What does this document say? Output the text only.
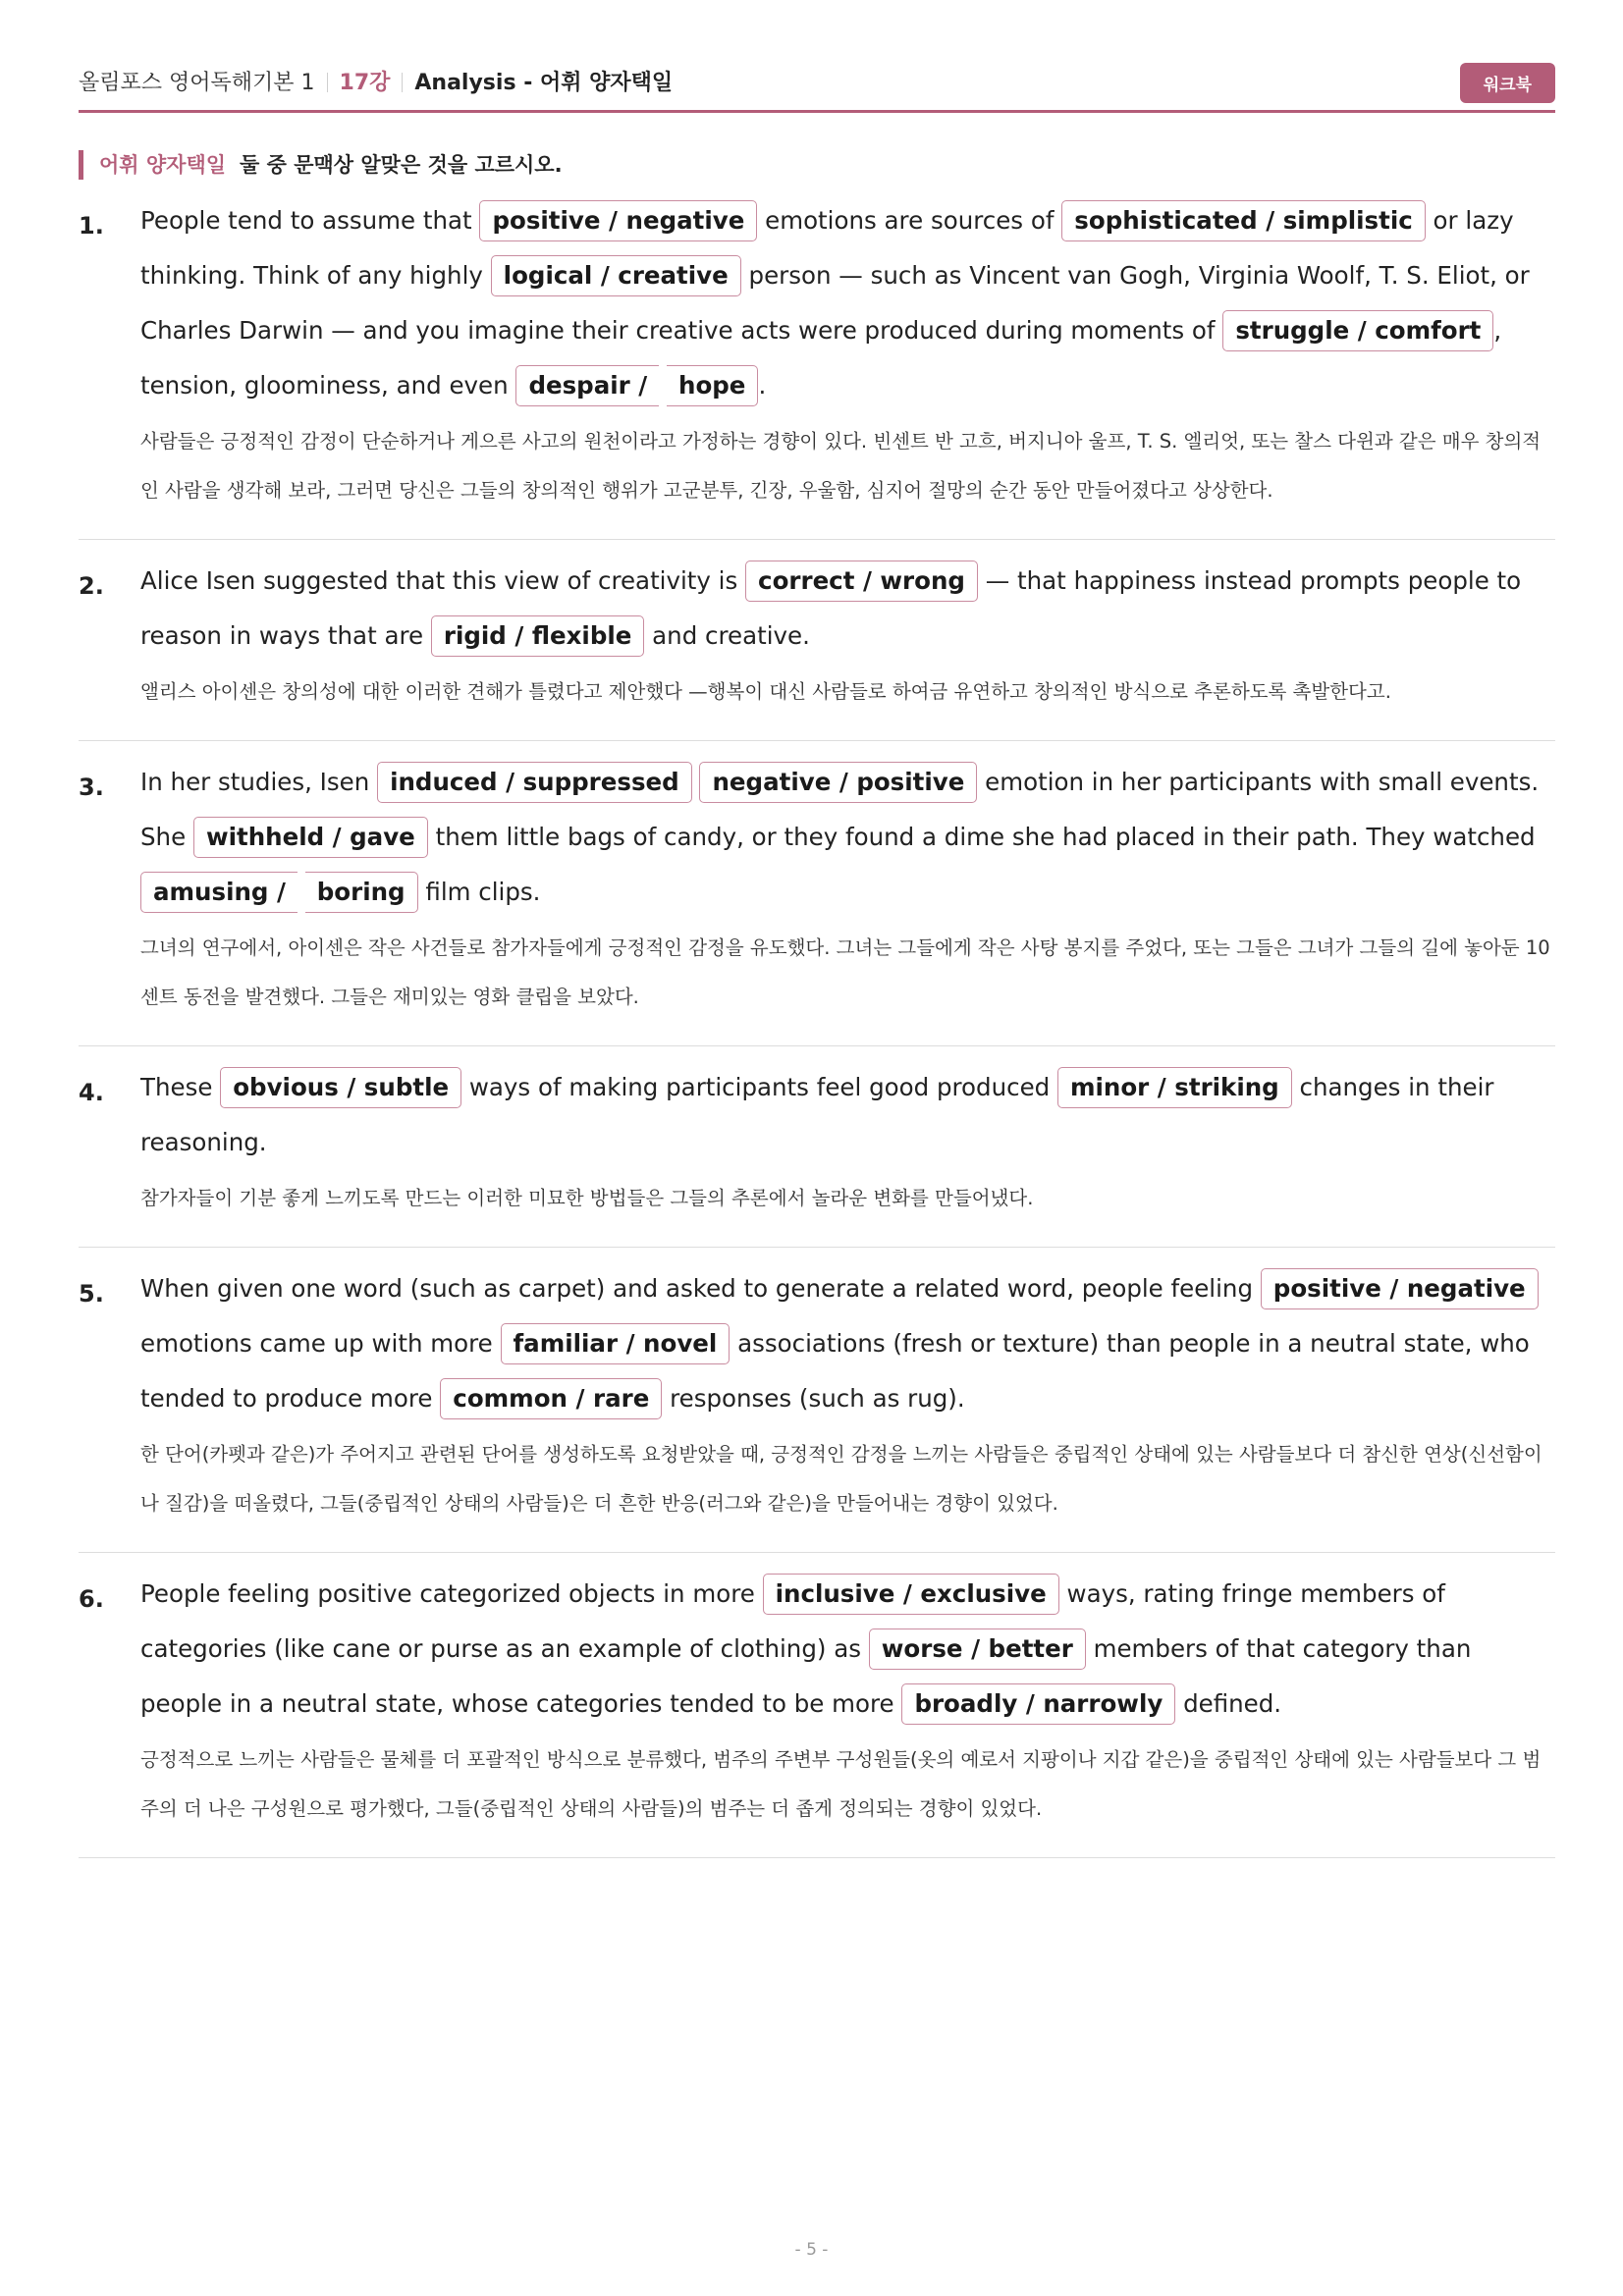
올림포스 영어독해기본 1 17강 Analysis - 어휘 양자택일	워크북
어휘 양자택일 둘 중 문맥상 알맞은 것을 고르시오.
1. People tend to assume that positive / negative emotions are sources of sophisticated / simplistic or lazy thinking. Think of any highly logical / creative person — such as Vincent van Gogh, Virginia Woolf, T. S. Eliot, or Charles Darwin — and you imagine their creative acts were produced during moments of struggle / comfort , tension, gloominess, and even despair / hope .
사람들은 긍정적인 감정이 단순하거나 게으른 사고의 원천이라고 가정하는 경향이 있다. 빈센트 반 고흐, 버지니아 울프, T. S. 엘리엇, 또는 찰스 다윈과 같은 매우 창의적인 사람을 생각해 보라, 그러면 당신은 그들의 창의적인 행위가 고군분투, 긴장, 우울함, 심지어 절망의 순간 동안 만들어졌다고 상상한다.
2. Alice Isen suggested that this view of creativity is correct / wrong — that happiness instead prompts people to reason in ways that are rigid / flexible and creative.
앨리스 아이센은 창의성에 대한 이러한 견해가 틀렸다고 제안했다 —행복이 대신 사람들로 하여금 유연하고 창의적인 방식으로 추론하도록 촉발한다고.
3. In her studies, Isen induced / suppressed negative / positive emotion in her participants with small events. She withheld / gave them little bags of candy, or they found a dime she had placed in their path. They watched amusing / boring film clips.
그녀의 연구에서, 아이센은 작은 사건들로 참가자들에게 긍정적인 감정을 유도했다. 그녀는 그들에게 작은 사탕 봉지를 주었다, 또는 그들은 그녀가 그들의 길에 놓아둔 10센트 동전을 발견했다. 그들은 재미있는 영화 클립을 보았다.
4. These obvious / subtle ways of making participants feel good produced minor / striking changes in their reasoning.
참가자들이 기분 좋게 느끼도록 만드는 이러한 미묘한 방법들은 그들의 추론에서 놀라운 변화를 만들어냈다.
5. When given one word (such as carpet) and asked to generate a related word, people feeling positive / negative emotions came up with more familiar / novel associations (fresh or texture) than people in a neutral state, who tended to produce more common / rare responses (such as rug).
한 단어(카펫과 같은)가 주어지고 관련된 단어를 생성하도록 요청받았을 때, 긍정적인 감정을 느끼는 사람들은 중립적인 상태에 있는 사람들보다 더 참신한 연상(신선함이나 질감)을 떠올렸다, 그들(중립적인 상태의 사람들)은 더 흔한 반응(러그와 같은)을 만들어내는 경향이 있었다.
6. People feeling positive categorized objects in more inclusive / exclusive ways, rating fringe members of categories (like cane or purse as an example of clothing) as worse / better members of that category than people in a neutral state, whose categories tended to be more broadly / narrowly defined.
긍정적으로 느끼는 사람들은 물체를 더 포괄적인 방식으로 분류했다, 범주의 주변부 구성원들(옷의 예로서 지팡이나 지갑 같은)을 중립적인 상태에 있는 사람들보다 그 범주의 더 나은 구성원으로 평가했다, 그들(중립적인 상태의 사람들)의 범주는 더 좁게 정의되는 경향이 있었다.
- 5 -
